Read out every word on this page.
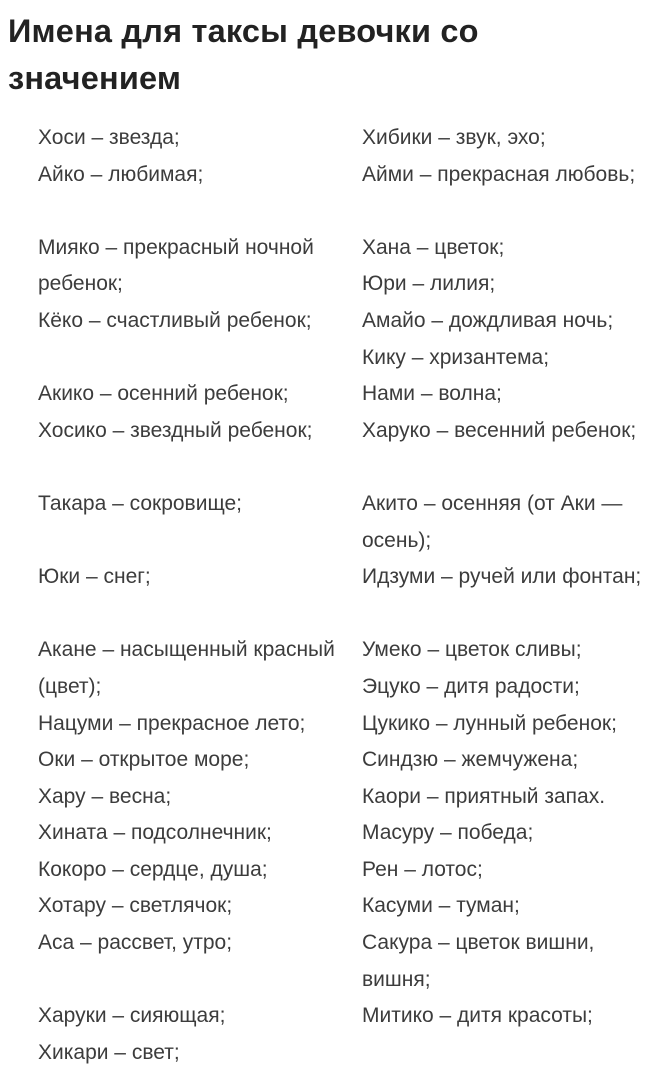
Имена для таксы девочки со значением
Хоси – звезда;
Айко – любимая;
Мияко – прекрасный ночной ребенок;
Кёко – счастливый ребенок;
Акико – осенний ребенок;
Хосико – звездный ребенок;
Такара – сокровище;
Юки – снег;
Акане – насыщенный красный (цвет);
Нацуми – прекрасное лето;
Оки – открытое море;
Хару – весна;
Хината – подсолнечник;
Кокоро – сердце, душа;
Хотару – светлячок;
Аса – рассвет, утро;
Харуки – сияющая;
Хикари – свет;
Хибики – звук, эхо;
Айми – прекрасная любовь;
Хана – цветок;
Юри – лилия;
Амайо – дождливая ночь;
Кику – хризантема;
Нами – волна;
Харуко – весенний ребенок;
Акито – осенняя (от Аки — осень);
Идзуми – ручей или фонтан;
Умеко – цветок сливы;
Эцуко – дитя радости;
Цукико – лунный ребенок;
Синдзю – жемчужена;
Каори – приятный запах.
Масуру – победа;
Рен – лотос;
Касуми – туман;
Сакура – цветок вишни, вишня;
Митико – дитя красоты;
